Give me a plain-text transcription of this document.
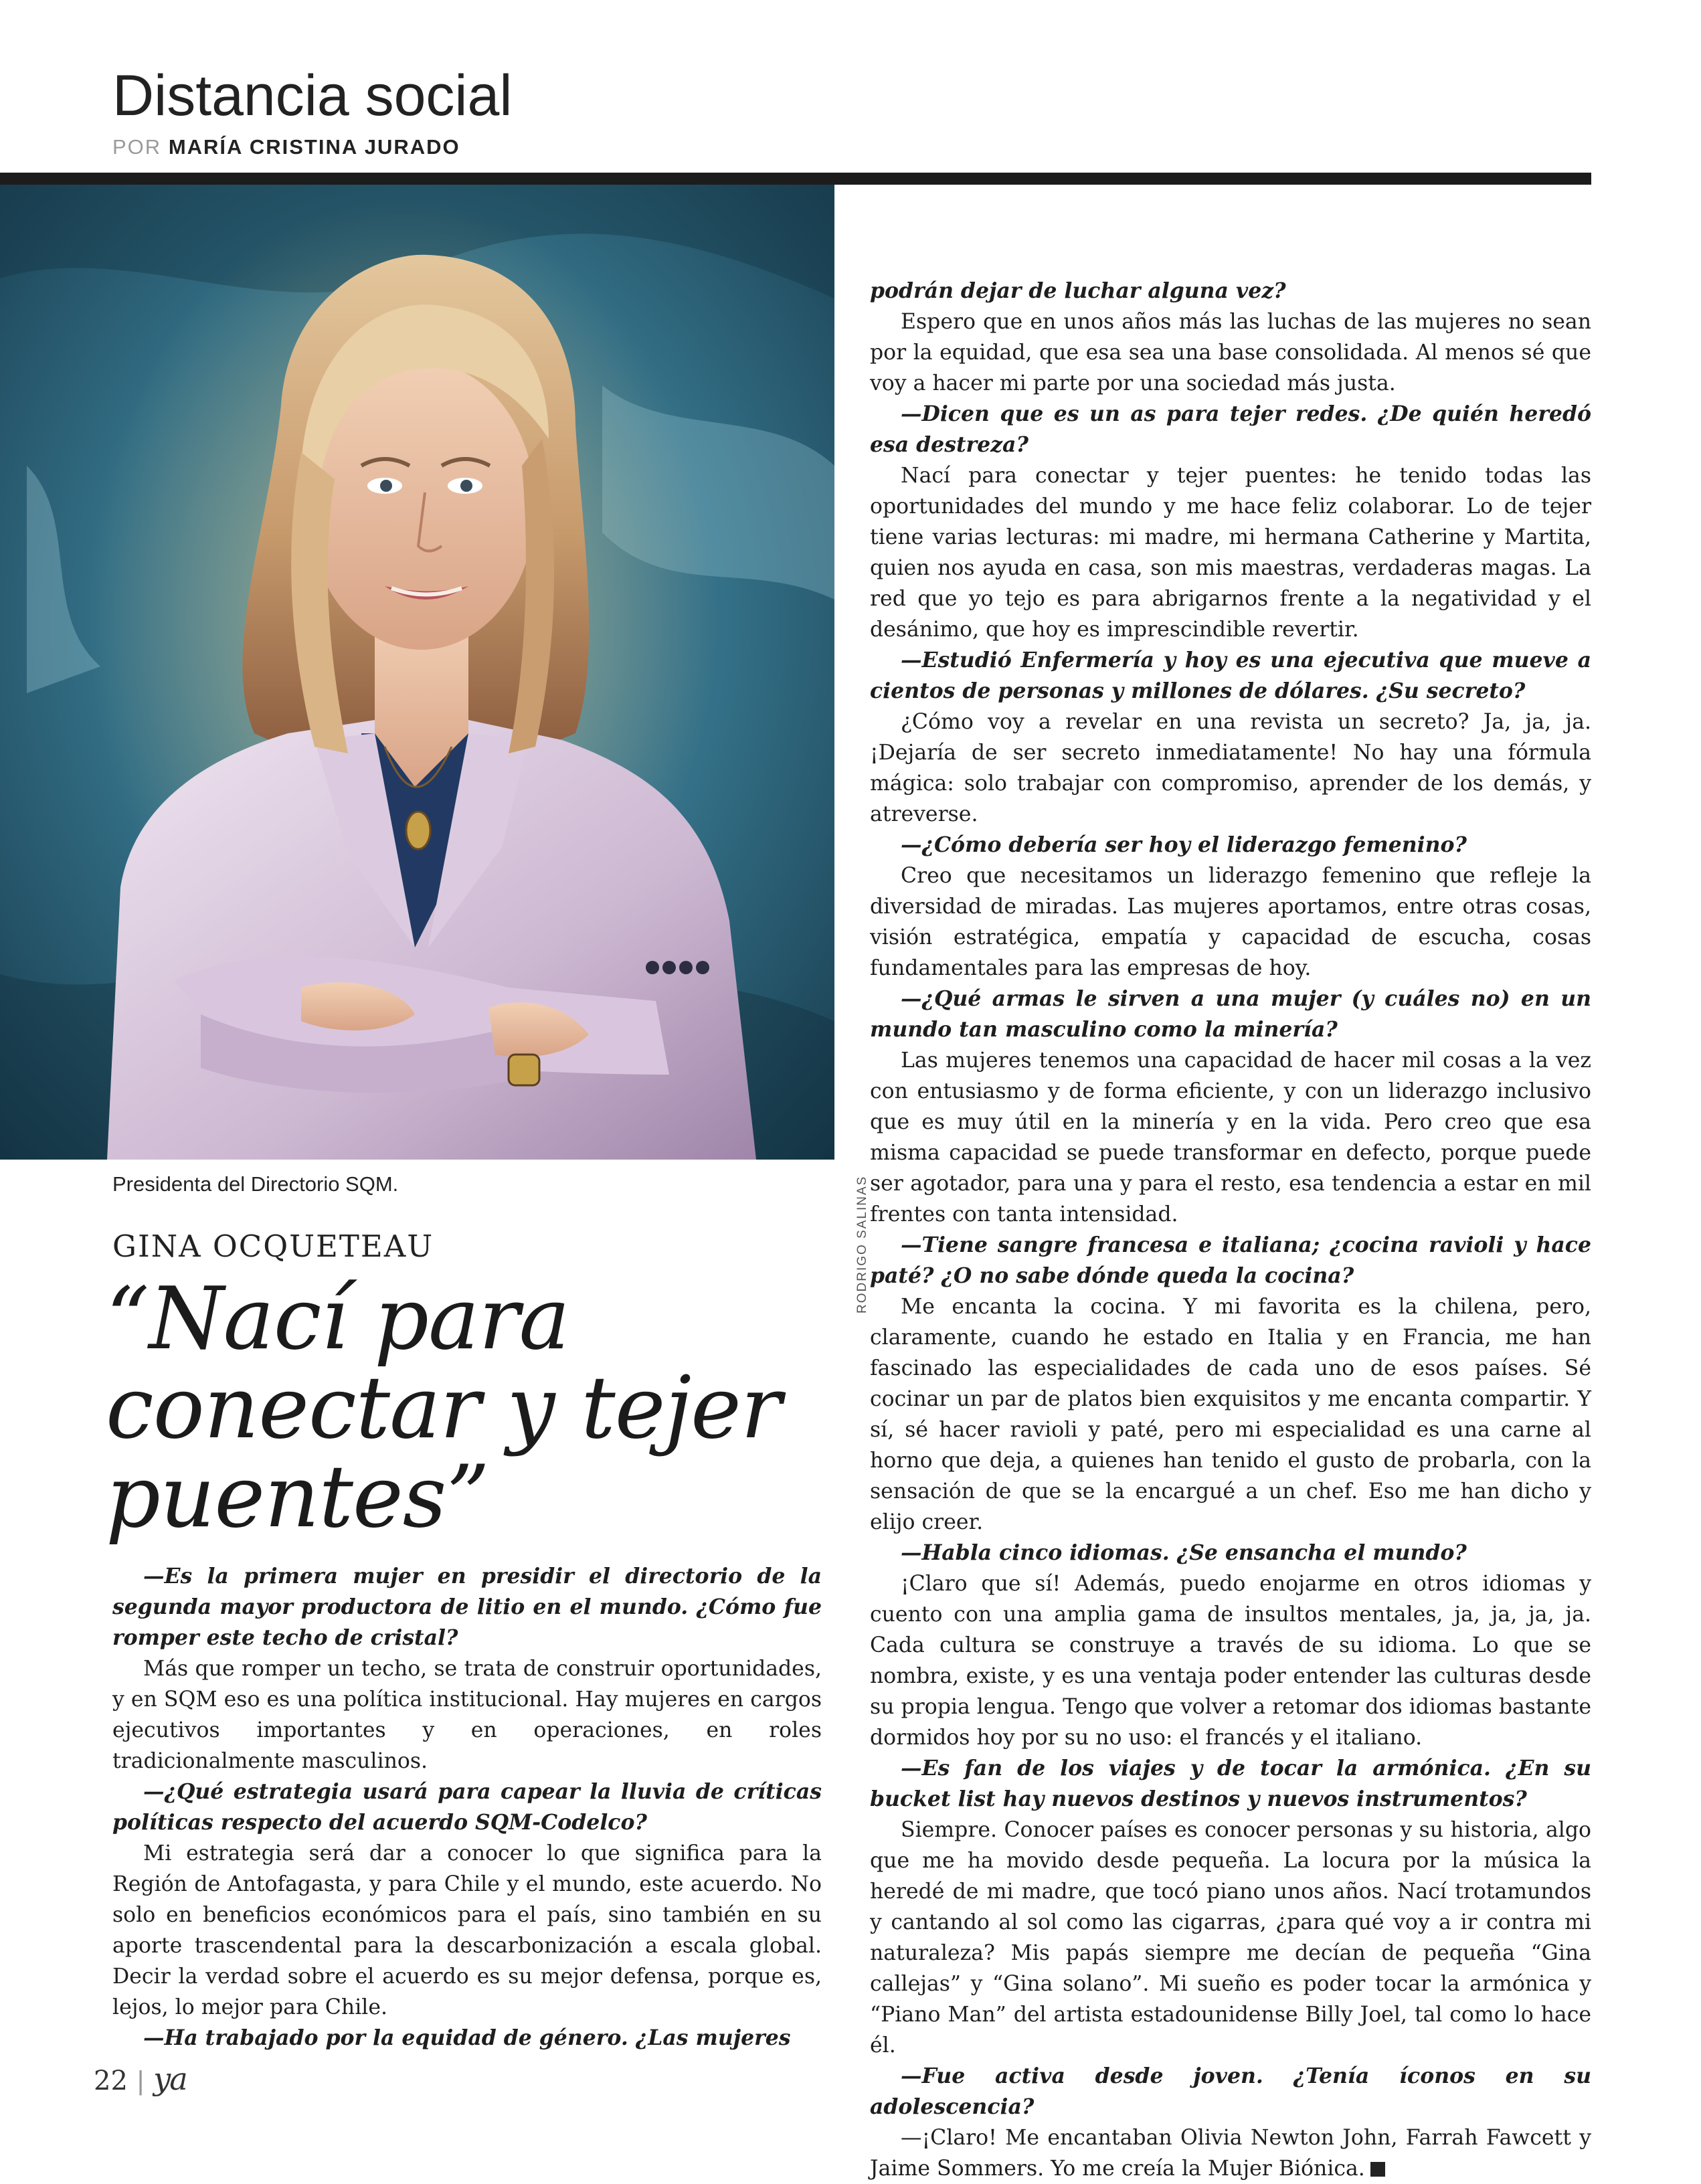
Distancia social
POR MARÍA CRISTINA JURADO
RODRIGO SALINAS
Presidenta del Directorio SQM.
GINA OCQUETEAU
“Nací para
conectar y tejer
puentes”

—Es la primera mujer en presidir el directorio de la segunda mayor productora de litio en el mundo. ¿Cómo fue romper este techo de cristal?

Más que romper un techo, se trata de construir oportunidades, y en SQM eso es una política institucional. Hay mujeres en cargos ejecutivos importantes y en operaciones, en roles tradicionalmente masculinos.

—¿Qué estrategia usará para capear la lluvia de críticas políticas respecto del acuerdo SQM-Codelco?

Mi estrategia será dar a conocer lo que significa para la Región de Antofagasta, y para Chile y el mundo, este acuerdo. No solo en beneficios económicos para el país, sino también en su aporte trascendental para la descarbonización a escala global. Decir la verdad sobre el acuerdo es su mejor defensa, porque es, lejos, lo mejor para Chile.

—Ha trabajado por la equidad de género. ¿Las mujeres

podrán dejar de luchar alguna vez?

Espero que en unos años más las luchas de las mujeres no sean por la equidad, que esa sea una base consolidada. Al menos sé que voy a hacer mi parte por una sociedad más justa.

—Dicen que es un as para tejer redes. ¿De quién heredó esa destreza?

Nací para conectar y tejer puentes: he tenido todas las oportunidades del mundo y me hace feliz colaborar. Lo de tejer tiene varias lecturas: mi madre, mi hermana Catherine y Martita, quien nos ayuda en casa, son mis maestras, verdaderas magas. La red que yo tejo es para abrigarnos frente a la negatividad y el desánimo, que hoy es imprescindible revertir.

—Estudió Enfermería y hoy es una ejecutiva que mueve a cientos de personas y millones de dólares. ¿Su secreto?

¿Cómo voy a revelar en una revista un secreto? Ja, ja, ja. ¡Dejaría de ser secreto inmediatamente! No hay una fórmula mágica: solo trabajar con compromiso, aprender de los demás, y atreverse.

—¿Cómo debería ser hoy el liderazgo femenino?

Creo que necesitamos un liderazgo femenino que refleje la diversidad de miradas. Las mujeres aportamos, entre otras cosas, visión estratégica, empatía y capacidad de escucha, cosas fundamentales para las empresas de hoy.

—¿Qué armas le sirven a una mujer (y cuáles no) en un mundo tan masculino como la minería?

Las mujeres tenemos una capacidad de hacer mil cosas a la vez con entusiasmo y de forma eficiente, y con un liderazgo inclusivo que es muy útil en la minería y en la vida. Pero creo que esa misma capacidad se puede transformar en defecto, porque puede ser agotador, para una y para el resto, esa tendencia a estar en mil frentes con tanta intensidad.

—Tiene sangre francesa e italiana; ¿cocina ravioli y hace paté? ¿O no sabe dónde queda la cocina?

Me encanta la cocina. Y mi favorita es la chilena, pero, claramente, cuando he estado en Italia y en Francia, me han fascinado las especialidades de cada uno de esos países. Sé cocinar un par de platos bien exquisitos y me encanta compartir. Y sí, sé hacer ravioli y paté, pero mi especialidad es una carne al horno que deja, a quienes han tenido el gusto de probarla, con la sensación de que se la encargué a un chef. Eso me han dicho y elijo creer.

—Habla cinco idiomas. ¿Se ensancha el mundo?

¡Claro que sí! Además, puedo enojarme en otros idiomas y cuento con una amplia gama de insultos mentales, ja, ja, ja, ja. Cada cultura se construye a través de su idioma. Lo que se nombra, existe, y es una ventaja poder entender las culturas desde su propia lengua. Tengo que volver a retomar dos idiomas bastante dormidos hoy por su no uso: el francés y el italiano.

—Es fan de los viajes y de tocar la armónica. ¿En su bucket list hay nuevos destinos y nuevos instrumentos?

Siempre. Conocer países es conocer personas y su historia, algo que me ha movido desde pequeña. La locura por la música la heredé de mi madre, que tocó piano unos años. Nací trotamundos y cantando al sol como las cigarras, ¿para qué voy a ir contra mi naturaleza? Mis papás siempre me decían de pequeña “Gina callejas” y “Gina solano”. Mi sueño es poder tocar la armónica y “Piano Man” del artista estadounidense Billy Joel, tal como lo hace él.

—Fue activa desde joven. ¿Tenía íconos en su adolescencia?

—¡Claro! Me encantaban Olivia Newton John, Farrah Fawcett y Jaime Sommers. Yo me creía la Mujer Biónica.

22 | ya
